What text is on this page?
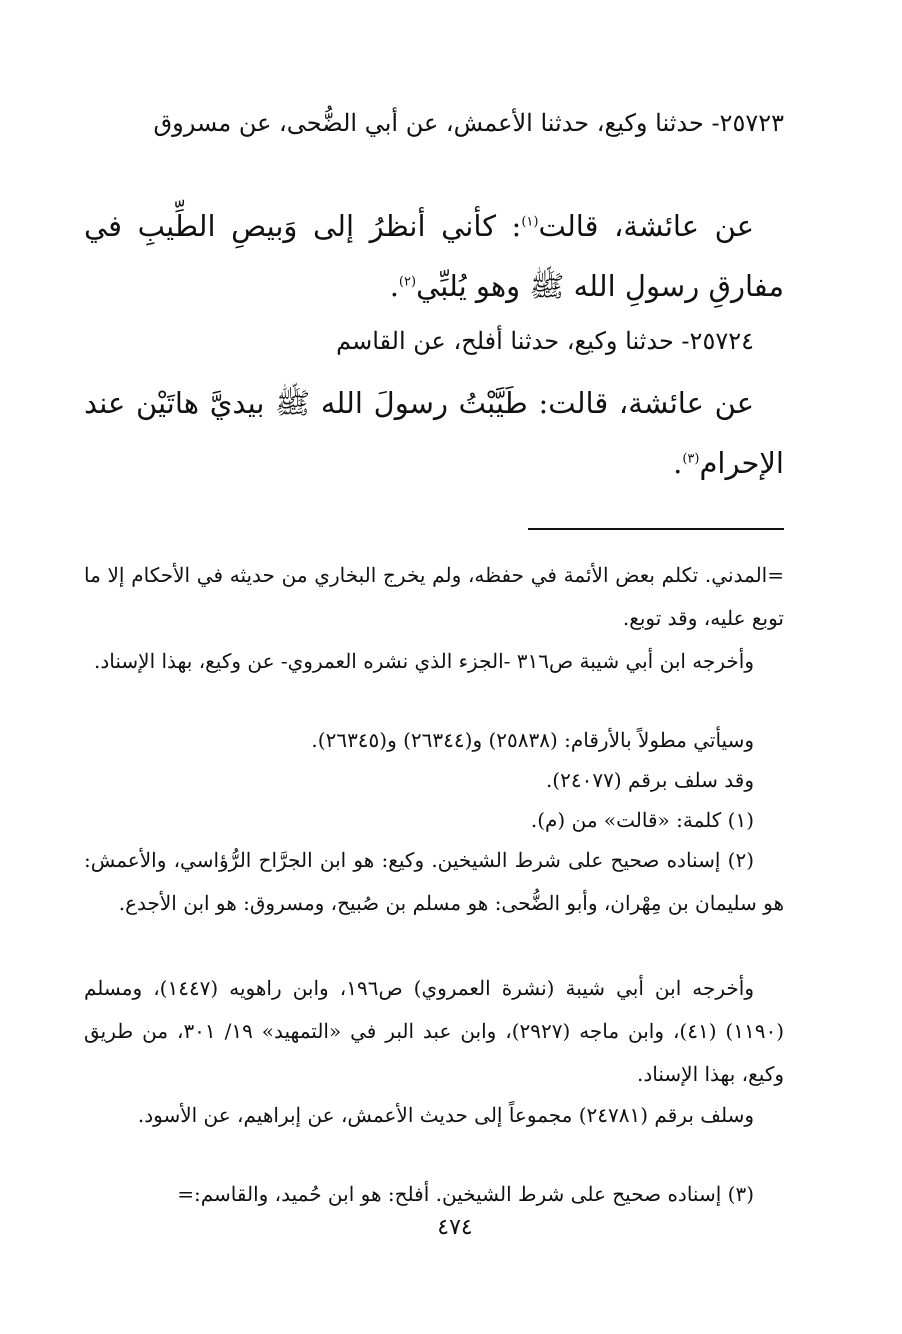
٢٥٧٢٣- حدثنا وكيع، حدثنا الأعمش، عن أبي الضُّحى، عن مسروق

عن عائشة، قالت$^{(١)}$: كأني أنظرُ إلى وَبيصِ الطِّيبِ في مفارقِ رسولِ الله ﷺ وهو يُلبِّي$^{(٢)}$.

٢٥٧٢٤- حدثنا وكيع، حدثنا أفلح، عن القاسم

عن عائشة، قالت: طَيَّبْتُ رسولَ الله ﷺ بيديَّ هاتَيْن عند الإحرام$^{(٣)}$.

=المدني. تكلم بعض الأئمة في حفظه، ولم يخرج البخاري من حديثه في الأحكام إلا ما توبع عليه، وقد توبع.

وأخرجه ابن أبي شيبة ص٣١٦ -الجزء الذي نشره العمروي- عن وكيع، بهذا الإسناد.

وسيأتي مطولاً بالأرقام: (٢٥٨٣٨) و(٢٦٣٤٤) و(٢٦٣٤٥).

وقد سلف برقم (٢٤٠٧٧).

(١) كلمة: «قالت» من (م).

(٢) إسناده صحيح على شرط الشيخين. وكيع: هو ابن الجرَّاح الرُّؤاسي، والأعمش: هو سليمان بن مِهْران، وأبو الضُّحى: هو مسلم بن صُبيح، ومسروق: هو ابن الأجدع.

وأخرجه ابن أبي شيبة (نشرة العمروي) ص١٩٦، وابن راهويه (١٤٤٧)، ومسلم (١١٩٠) (٤١)، وابن ماجه (٢٩٢٧)، وابن عبد البر في «التمهيد» ١٩/ ٣٠١، من طريق وكيع، بهذا الإسناد.

وسلف برقم (٢٤٧٨١) مجموعاً إلى حديث الأعمش، عن إبراهيم، عن الأسود.

(٣) إسناده صحيح على شرط الشيخين. أفلح: هو ابن حُميد، والقاسم:=

٤٧٤
